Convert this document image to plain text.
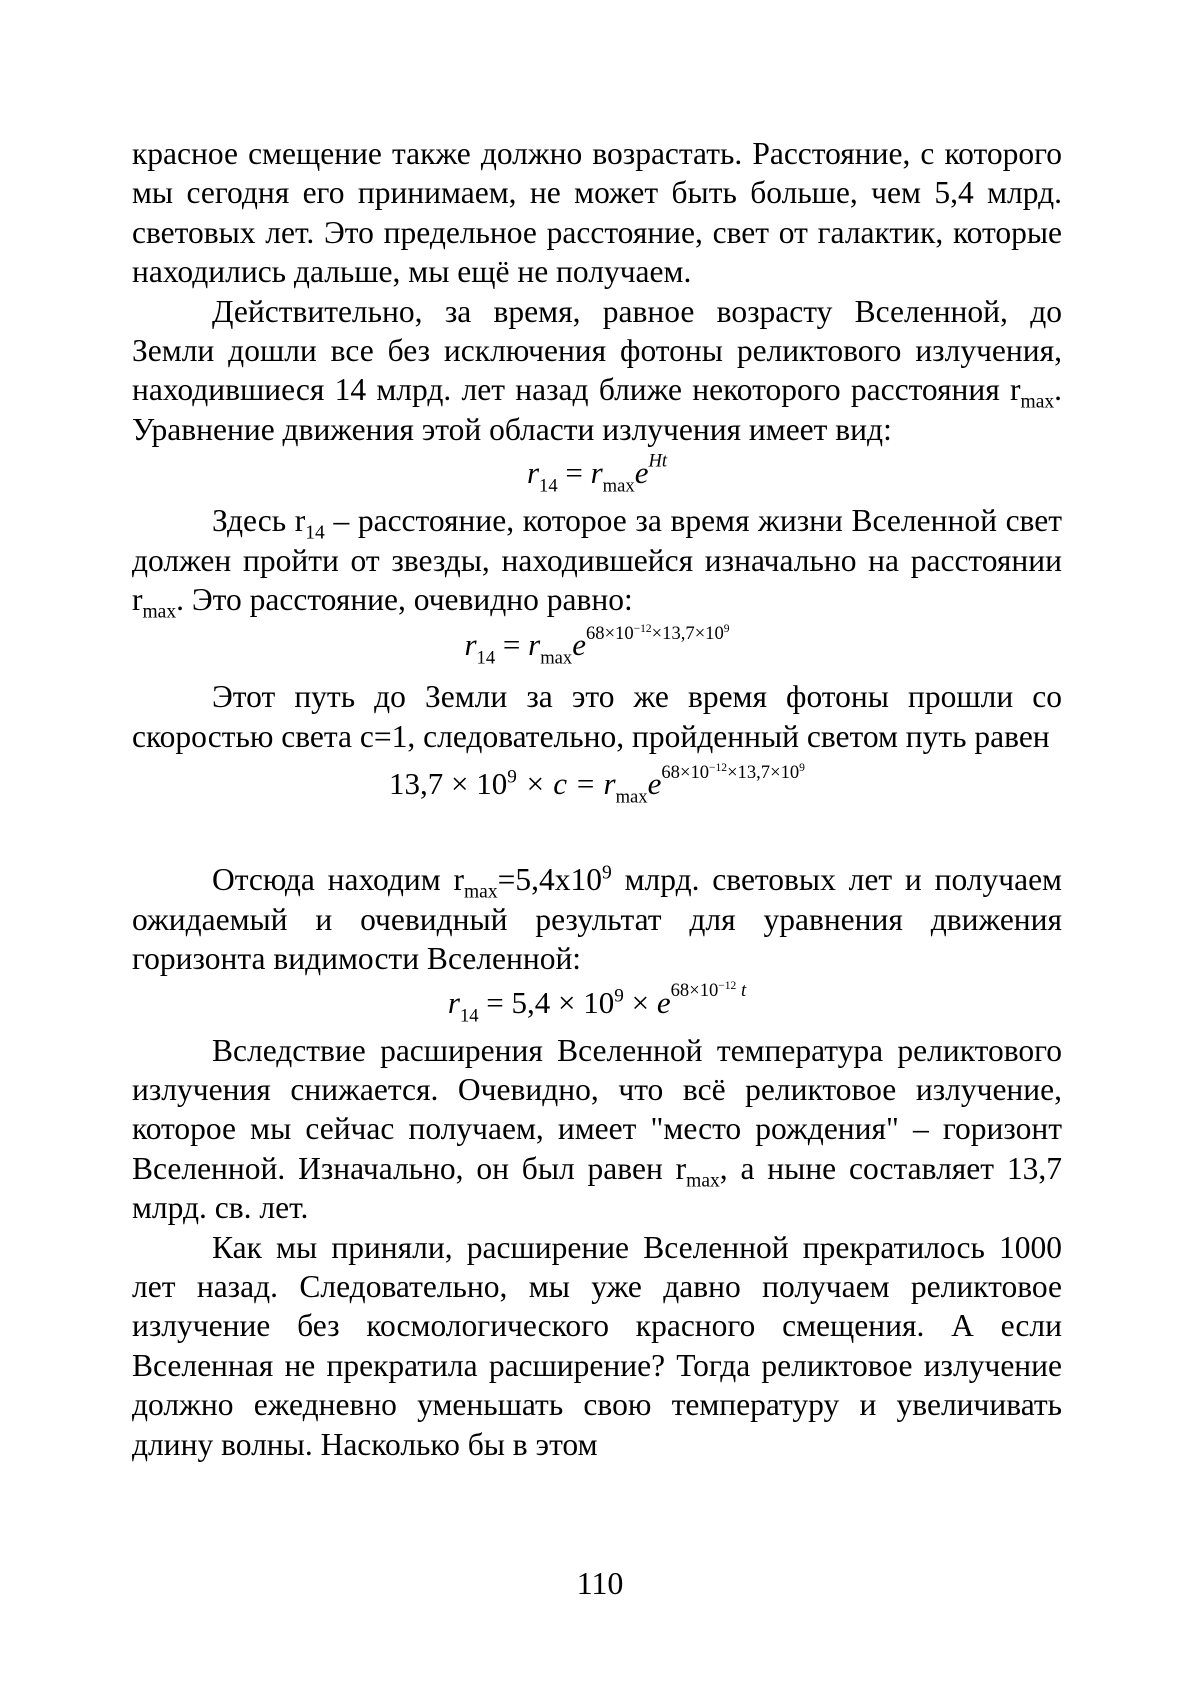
красное смещение также должно возрастать. Расстояние, с которого мы сегодня его принимаем, не может быть больше, чем 5,4 млрд. световых лет. Это предельное расстояние, свет от галактик, которые находились дальше, мы ещё не получаем.

Действительно, за время, равное возрасту Вселенной, до Земли дошли все без исключения фотоны реликтового излучения, находившиеся 14 млрд. лет назад ближе некоторого расстояния $r_{max}$. Уравнение движения этой области излучения имеет вид:

$r_{14} = r_{max}e^{Ht}$

Здесь $r_{14}$ – расстояние, которое за время жизни Вселенной свет должен пройти от звезды, находившейся изначально на расстоянии $r_{max}$. Это расстояние, очевидно равно:

$r_{14} = r_{max}e^{68\times 10^{-12}\times 13,7\times 10^9}$

Этот путь до Земли за это же время фотоны прошли со скоростью света с=1, следовательно, пройденный светом путь равен

$13,7 \times 10^9 \times c = r_{max}e^{68\times 10^{-12}\times 13,7\times 10^9}$

Отсюда находим $r_{max}=5,4х10^9$ млрд. световых лет и получаем ожидаемый и очевидный результат для уравнения движения горизонта видимости Вселенной:

$r_{14} = 5,4 \times 10^9 \times e^{68\times 10^{-12} t}$

Вследствие расширения Вселенной температура реликтового излучения снижается. Очевидно, что всё реликтовое излучение, которое мы сейчас получаем, имеет "место рождения" – горизонт Вселенной. Изначально, он был равен $r_{max}$, а ныне составляет 13,7 млрд. св. лет.

Как мы приняли, расширение Вселенной прекратилось 1000 лет назад. Следовательно, мы уже давно получаем реликтовое излучение без космологического красного смещения. А если Вселенная не прекратила расширение? Тогда реликтовое излучение должно ежедневно уменьшать свою температуру и увеличивать длину волны. Насколько бы в этом

110
